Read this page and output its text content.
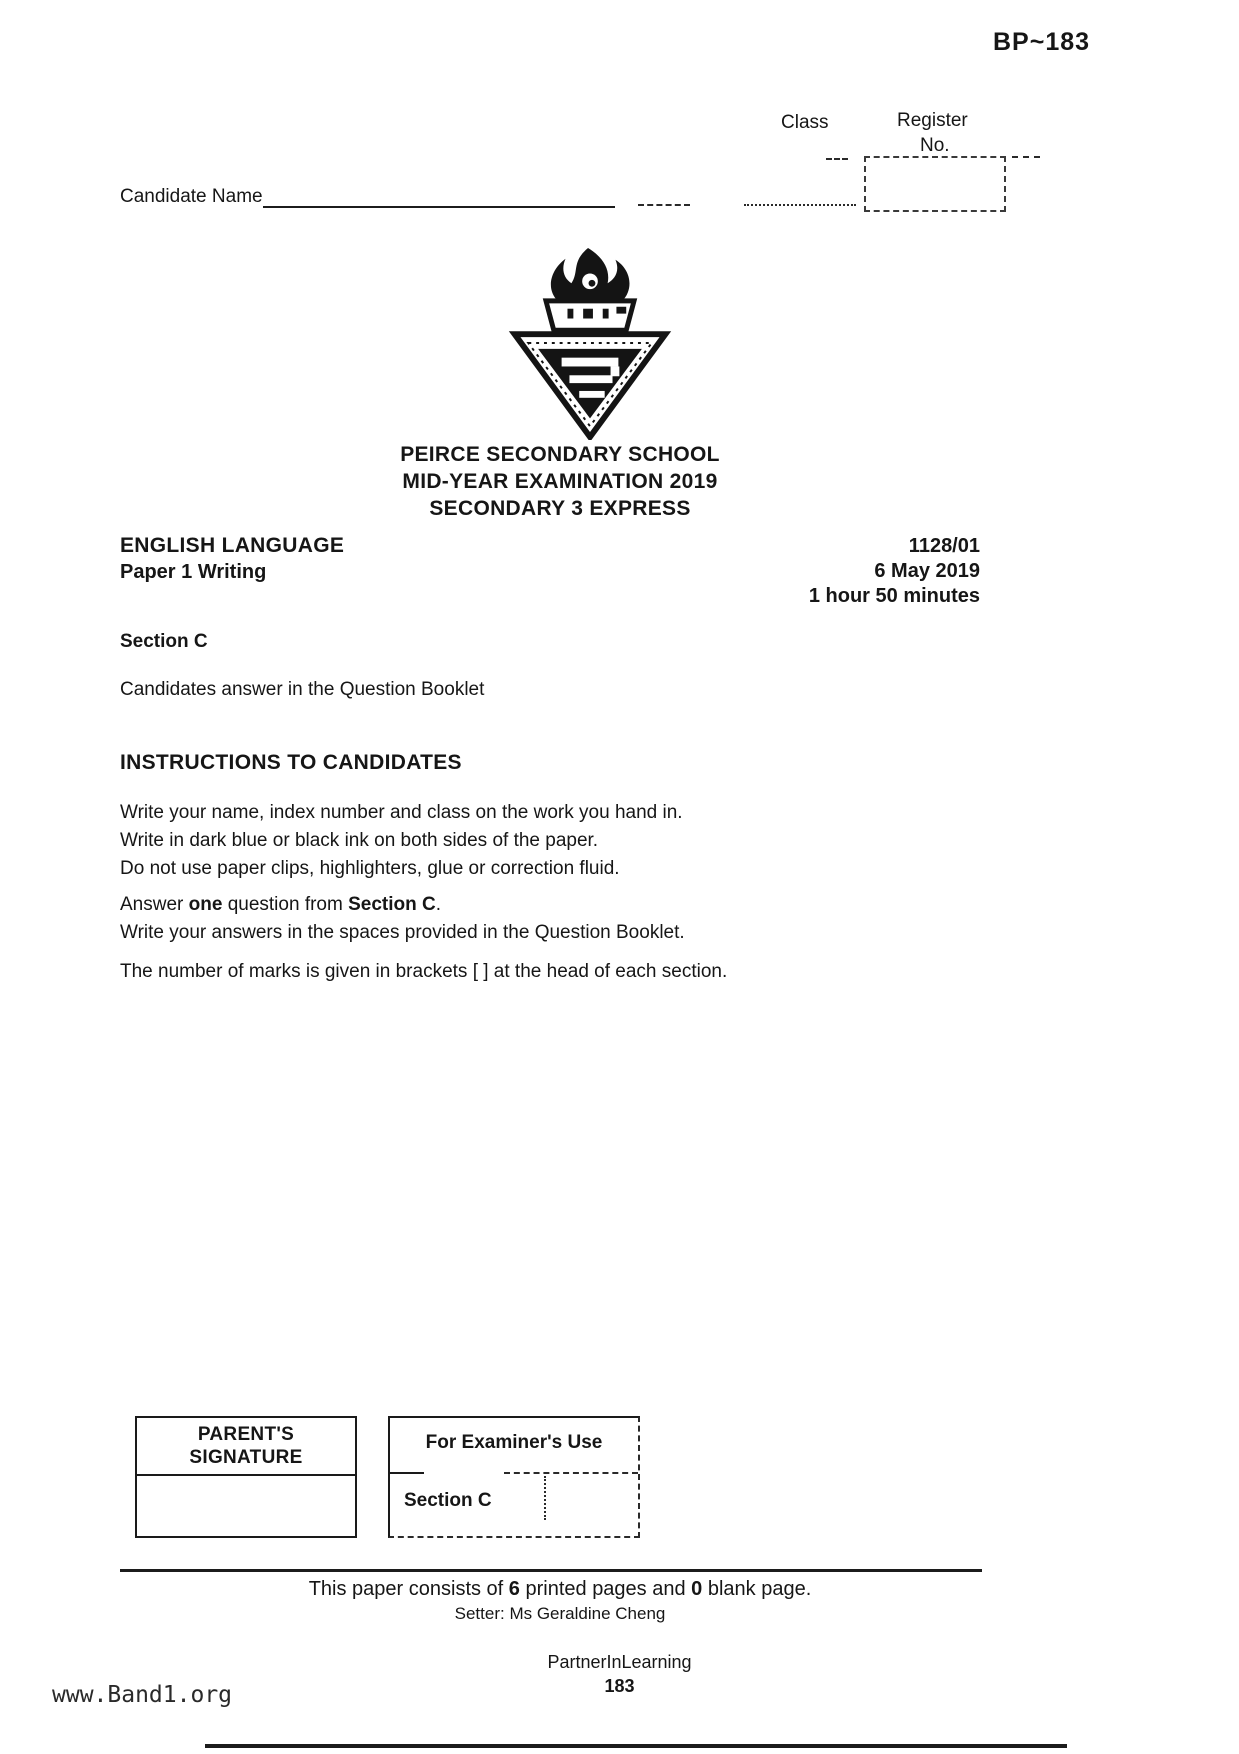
BP~183
Class	Register
No.
Candidate Name
PEIRCE SECONDARY SCHOOL
MID-YEAR EXAMINATION 2019
SECONDARY 3 EXPRESS
ENGLISH LANGUAGE
Paper 1 Writing
1128/01
6 May 2019
1 hour 50 minutes
Section C
Candidates answer in the Question Booklet
INSTRUCTIONS TO CANDIDATES
Write your name, index number and class on the work you hand in.
Write in dark blue or black ink on both sides of the paper.
Do not use paper clips, highlighters, glue or correction fluid.
Answer one question from Section C.
Write your answers in the spaces provided in the Question Booklet.
The number of marks is given in brackets [ ] at the head of each section.
PARENT'S
SIGNATURE
For Examiner's Use
Section C
This paper consists of 6 printed pages and 0 blank page.
Setter: Ms Geraldine Cheng
PartnerInLearning
183
www.Band1.org
